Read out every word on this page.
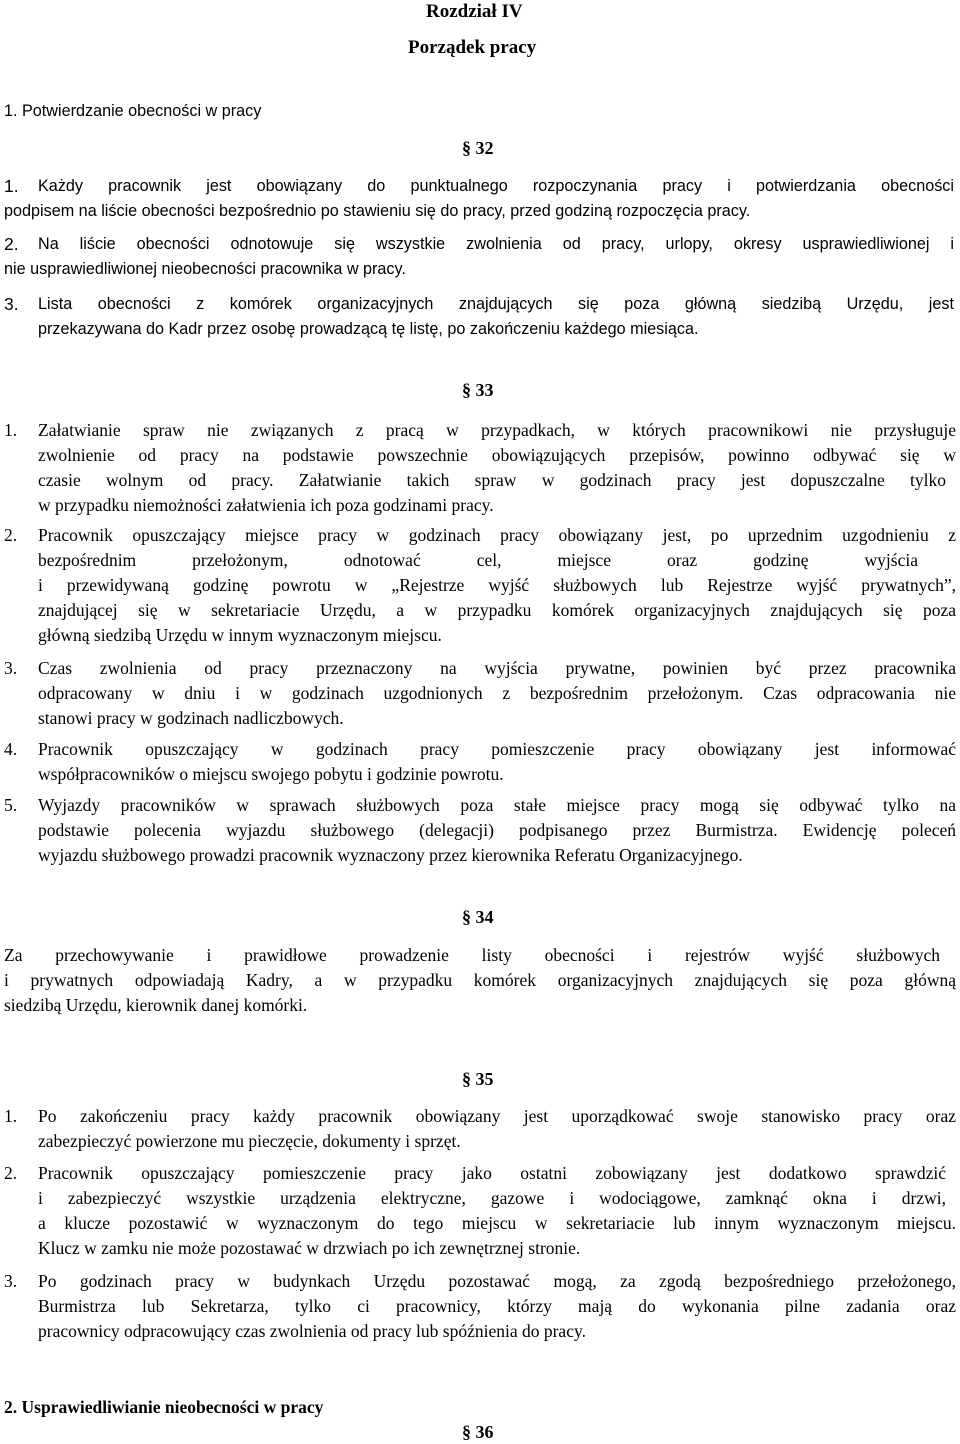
Rozdział IV
Porządek pracy
1. Potwierdzanie obecności w pracy
§ 32
1. Każdy pracownik jest obowiązany do punktualnego rozpoczynania pracy i potwierdzania obecności
podpisem na liście obecności bezpośrednio po stawieniu się do pracy, przed godziną rozpoczęcia pracy.
2. Na liście obecności odnotowuje się wszystkie zwolnienia od pracy, urlopy, okresy usprawiedliwionej i
nie usprawiedliwionej nieobecności pracownika w pracy.
3. Lista obecności z komórek organizacyjnych znajdujących się poza główną siedzibą Urzędu, jest
przekazywana do Kadr przez osobę prowadzącą tę listę, po zakończeniu każdego miesiąca.
§ 33
1. Załatwianie spraw nie związanych z pracą w przypadkach, w których pracownikowi nie przysługuje
zwolnienie od pracy na podstawie powszechnie obowiązujących przepisów, powinno odbywać się w
czasie wolnym od pracy. Załatwianie takich spraw w godzinach pracy jest dopuszczalne tylko
w przypadku niemożności załatwienia ich poza godzinami pracy.
2. Pracownik opuszczający miejsce pracy w godzinach pracy obowiązany jest, po uprzednim uzgodnieniu z
bezpośrednim przełożonym, odnotować cel, miejsce oraz godzinę wyjścia
i przewidywaną godzinę powrotu w „Rejestrze wyjść służbowych lub Rejestrze wyjść prywatnych”,
znajdującej się w sekretariacie Urzędu, a w przypadku komórek organizacyjnych znajdujących się poza
główną siedzibą Urzędu w innym wyznaczonym miejscu.
3. Czas zwolnienia od pracy przeznaczony na wyjścia prywatne, powinien być przez pracownika
odpracowany w dniu i w godzinach uzgodnionych z bezpośrednim przełożonym. Czas odpracowania nie
stanowi pracy w godzinach nadliczbowych.
4. Pracownik opuszczający w godzinach pracy pomieszczenie pracy obowiązany jest informować
współpracowników o miejscu swojego pobytu i godzinie powrotu.
5. Wyjazdy pracowników w sprawach służbowych poza stałe miejsce pracy mogą się odbywać tylko na
podstawie polecenia wyjazdu służbowego (delegacji) podpisanego przez Burmistrza. Ewidencję poleceń
wyjazdu służbowego prowadzi pracownik wyznaczony przez kierownika Referatu Organizacyjnego.
§ 34
Za przechowywanie i prawidłowe prowadzenie listy obecności i rejestrów wyjść służbowych
i prywatnych odpowiadają Kadry, a w przypadku komórek organizacyjnych znajdujących się poza główną
siedzibą Urzędu, kierownik danej komórki.
§ 35
1. Po zakończeniu pracy każdy pracownik obowiązany jest uporządkować swoje stanowisko pracy oraz
zabezpieczyć powierzone mu pieczęcie, dokumenty i sprzęt.
2. Pracownik opuszczający pomieszczenie pracy jako ostatni zobowiązany jest dodatkowo sprawdzić
i zabezpieczyć wszystkie urządzenia elektryczne, gazowe i wodociągowe, zamknąć okna i drzwi,
a klucze pozostawić w wyznaczonym do tego miejscu w sekretariacie lub innym wyznaczonym miejscu.
Klucz w zamku nie może pozostawać w drzwiach po ich zewnętrznej stronie.
3. Po godzinach pracy w budynkach Urzędu pozostawać mogą, za zgodą bezpośredniego przełożonego,
Burmistrza lub Sekretarza, tylko ci pracownicy, którzy mają do wykonania pilne zadania oraz
pracownicy odpracowujący czas zwolnienia od pracy lub spóźnienia do pracy.
2. Usprawiedliwianie nieobecności w pracy
§ 36
